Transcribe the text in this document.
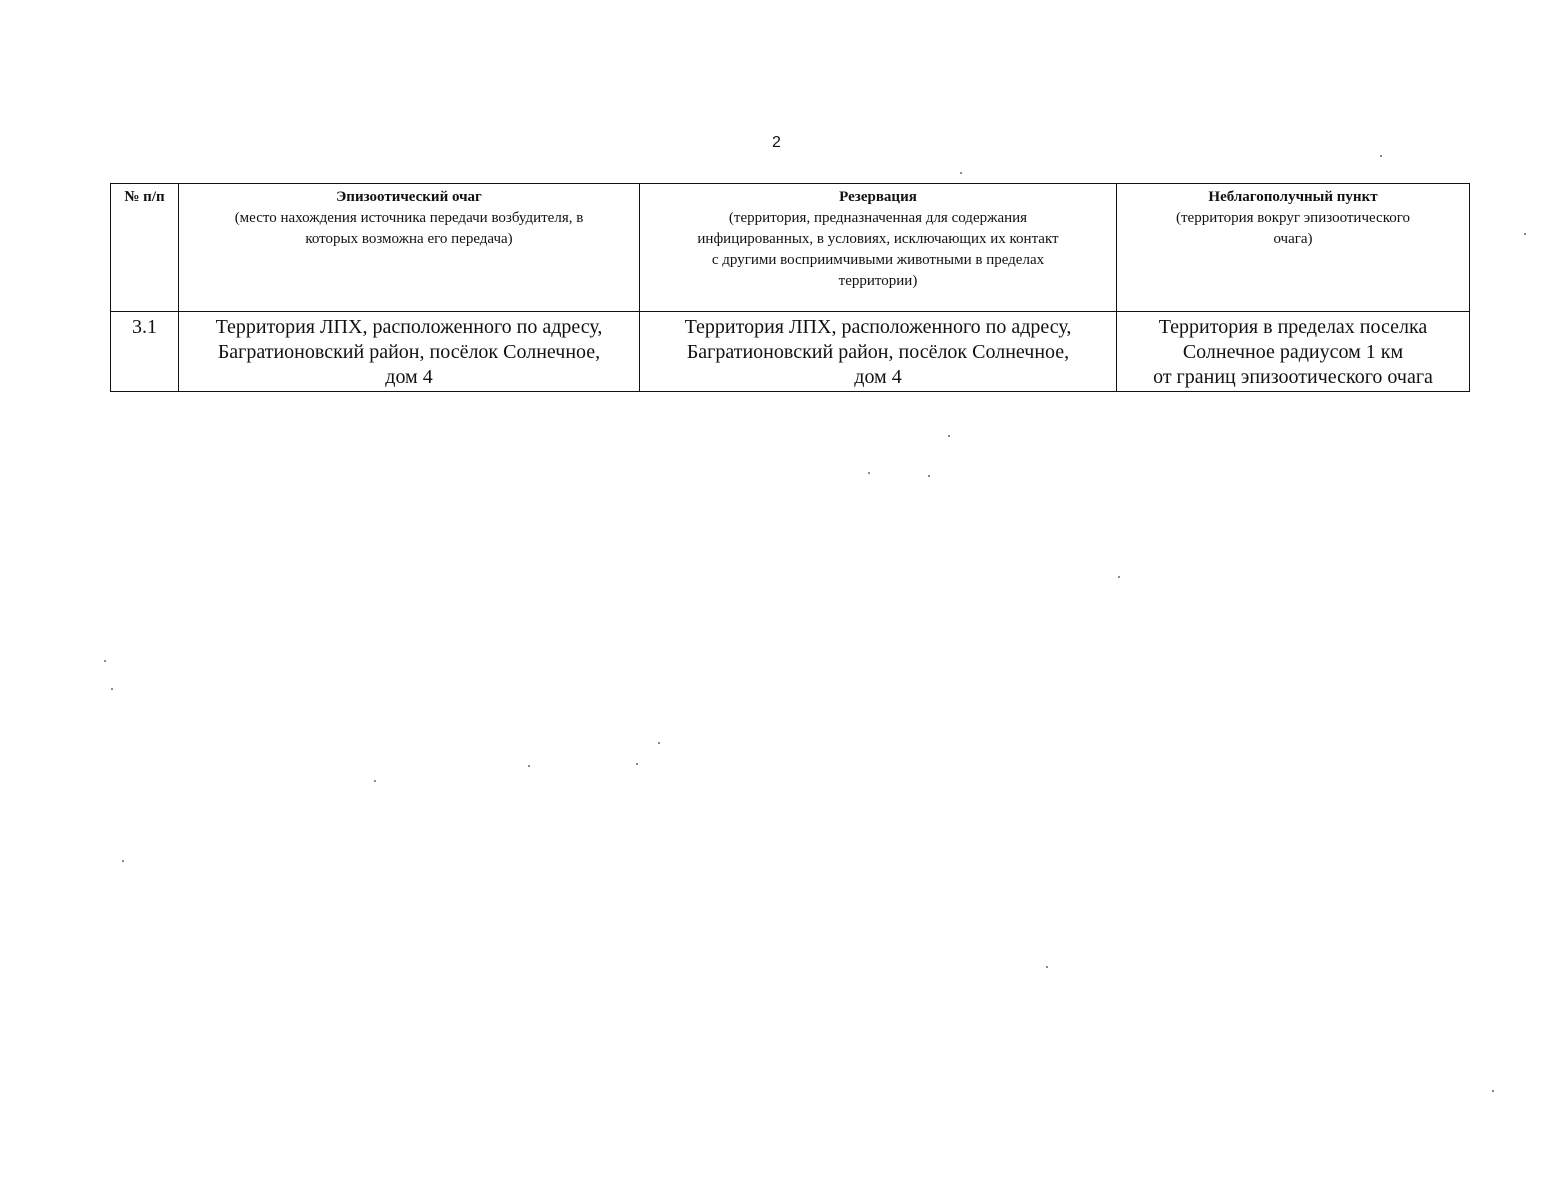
2
№ п/п	Эпизоотический очаг
(место нахождения источника передачи возбудителя, в
которых возможна его передача)	Резервация
(территория, предназначенная для содержания
инфицированных, в условиях, исключающих их контакт
с другими восприимчивыми животными в пределах
территории)	Неблагополучный пункт
(территория вокруг эпизоотического
очага)

3.1	Территория ЛПХ, расположенного по адресу,
Багратионовский район, посёлок Солнечное,
дом 4	Территория ЛПХ, расположенного по адресу,
Багратионовский район, посёлок Солнечное,
дом 4	Территория в пределах поселка
Солнечное радиусом 1 км
от границ эпизоотического очага
